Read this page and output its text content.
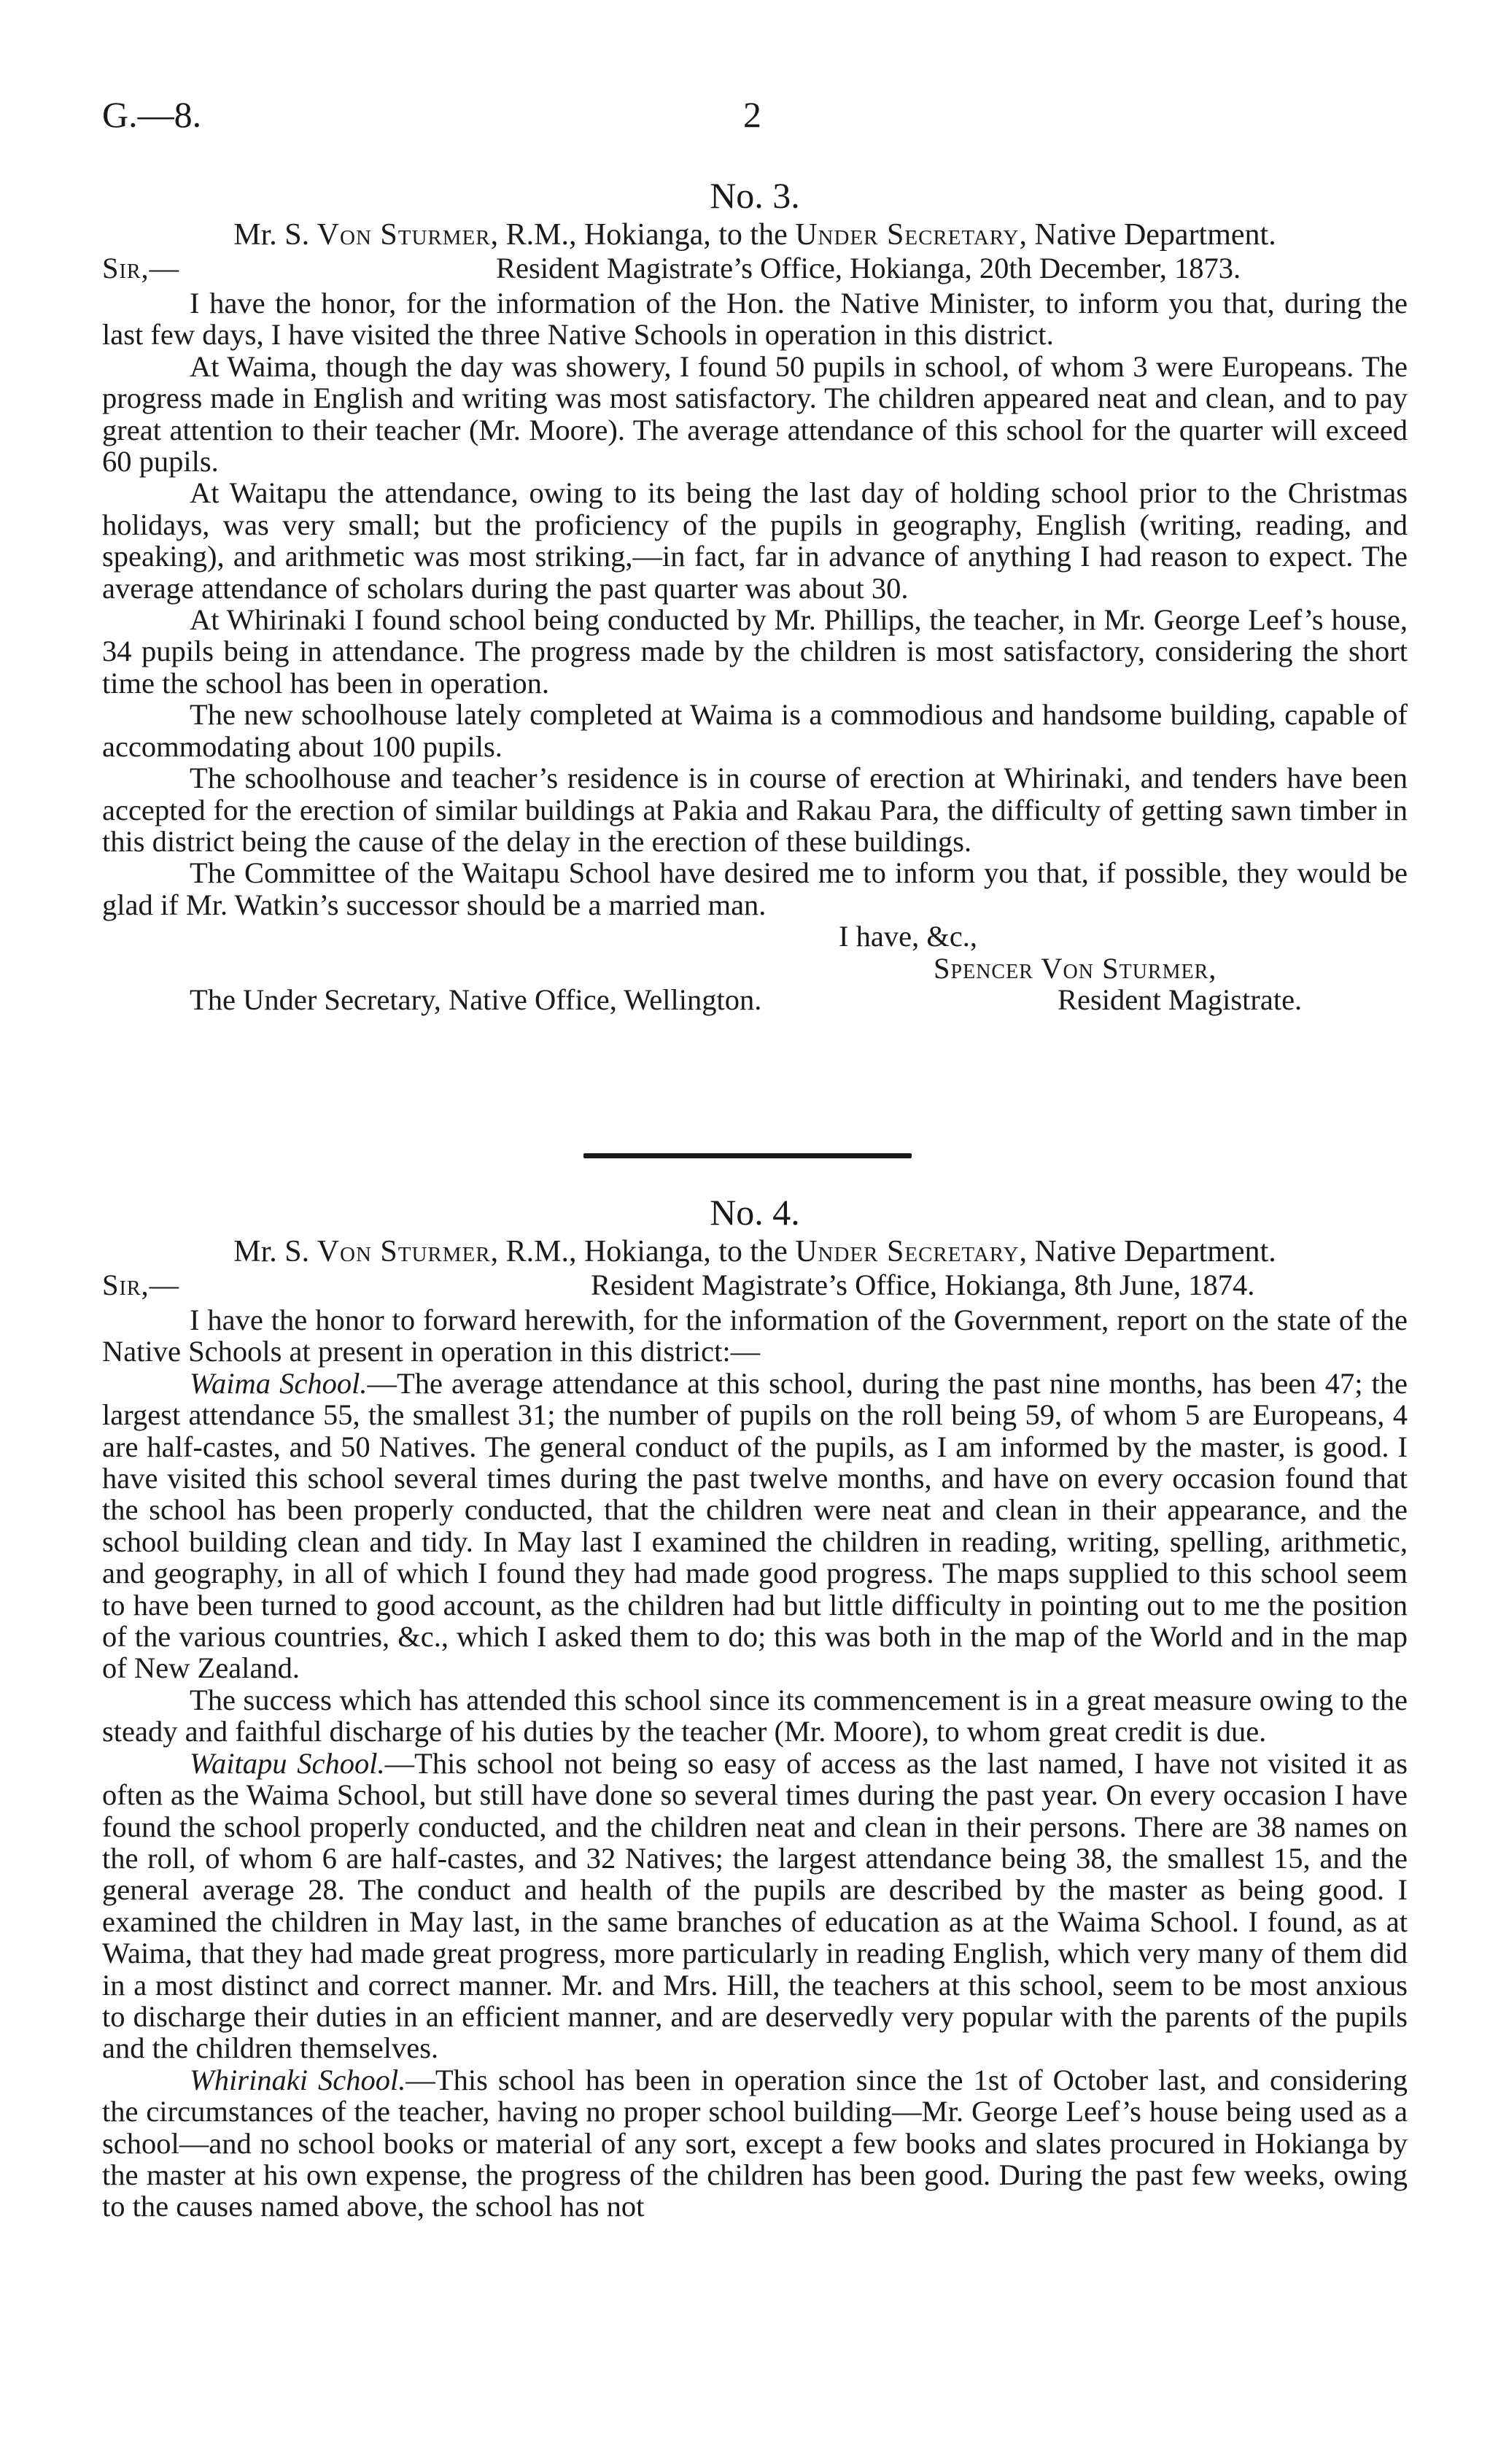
G.—8.	2
No. 3.
Mr. S. Von Sturmer, R.M., Hokianga, to the Under Secretary, Native Department.
Sir,—	Resident Magistrate’s Office, Hokianga, 20th December, 1873.

I have the honor, for the information of the Hon. the Native Minister, to inform you that, during the last few days, I have visited the three Native Schools in operation in this district.

At Waima, though the day was showery, I found 50 pupils in school, of whom 3 were Europeans. The progress made in English and writing was most satisfactory. The children appeared neat and clean, and to pay great attention to their teacher (Mr. Moore). The average attendance of this school for the quarter will exceed 60 pupils.

At Waitapu the attendance, owing to its being the last day of holding school prior to the Christmas holidays, was very small; but the proficiency of the pupils in geography, English (writing, reading, and speaking), and arithmetic was most striking,—in fact, far in advance of anything I had reason to expect. The average attendance of scholars during the past quarter was about 30.

At Whirinaki I found school being conducted by Mr. Phillips, the teacher, in Mr. George Leef’s house, 34 pupils being in attendance. The progress made by the children is most satisfactory, considering the short time the school has been in operation.

The new schoolhouse lately completed at Waima is a commodious and handsome building, capable of accommodating about 100 pupils.

The schoolhouse and teacher’s residence is in course of erection at Whirinaki, and tenders have been accepted for the erection of similar buildings at Pakia and Rakau Para, the difficulty of getting sawn timber in this district being the cause of the delay in the erection of these buildings.

The Committee of the Waitapu School have desired me to inform you that, if possible, they would be glad if Mr. Watkin’s successor should be a married man.

I have, &c.,
Spencer Von Sturmer,
The Under Secretary, Native Office, Wellington.	Resident Magistrate.
No. 4.
Mr. S. Von Sturmer, R.M., Hokianga, to the Under Secretary, Native Department.
Sir,—	Resident Magistrate’s Office, Hokianga, 8th June, 1874.

I have the honor to forward herewith, for the information of the Government, report on the state of the Native Schools at present in operation in this district:—

Waima School.—The average attendance at this school, during the past nine months, has been 47; the largest attendance 55, the smallest 31; the number of pupils on the roll being 59, of whom 5 are Europeans, 4 are half-castes, and 50 Natives. The general conduct of the pupils, as I am informed by the master, is good. I have visited this school several times during the past twelve months, and have on every occasion found that the school has been properly conducted, that the children were neat and clean in their appearance, and the school building clean and tidy. In May last I examined the children in reading, writing, spelling, arithmetic, and geography, in all of which I found they had made good progress. The maps supplied to this school seem to have been turned to good account, as the children had but little difficulty in pointing out to me the position of the various countries, &c., which I asked them to do; this was both in the map of the World and in the map of New Zealand.

The success which has attended this school since its commencement is in a great measure owing to the steady and faithful discharge of his duties by the teacher (Mr. Moore), to whom great credit is due.

Waitapu School.—This school not being so easy of access as the last named, I have not visited it as often as the Waima School, but still have done so several times during the past year. On every occasion I have found the school properly conducted, and the children neat and clean in their persons. There are 38 names on the roll, of whom 6 are half-castes, and 32 Natives; the largest attendance being 38, the smallest 15, and the general average 28. The conduct and health of the pupils are described by the master as being good. I examined the children in May last, in the same branches of education as at the Waima School. I found, as at Waima, that they had made great progress, more particularly in reading English, which very many of them did in a most distinct and correct manner. Mr. and Mrs. Hill, the teachers at this school, seem to be most anxious to discharge their duties in an efficient manner, and are deservedly very popular with the parents of the pupils and the children themselves.

Whirinaki School.—This school has been in operation since the 1st of October last, and considering the circumstances of the teacher, having no proper school building—Mr. George Leef’s house being used as a school—and no school books or material of any sort, except a few books and slates procured in Hokianga by the master at his own expense, the progress of the children has been good. During the past few weeks, owing to the causes named above, the school has not
